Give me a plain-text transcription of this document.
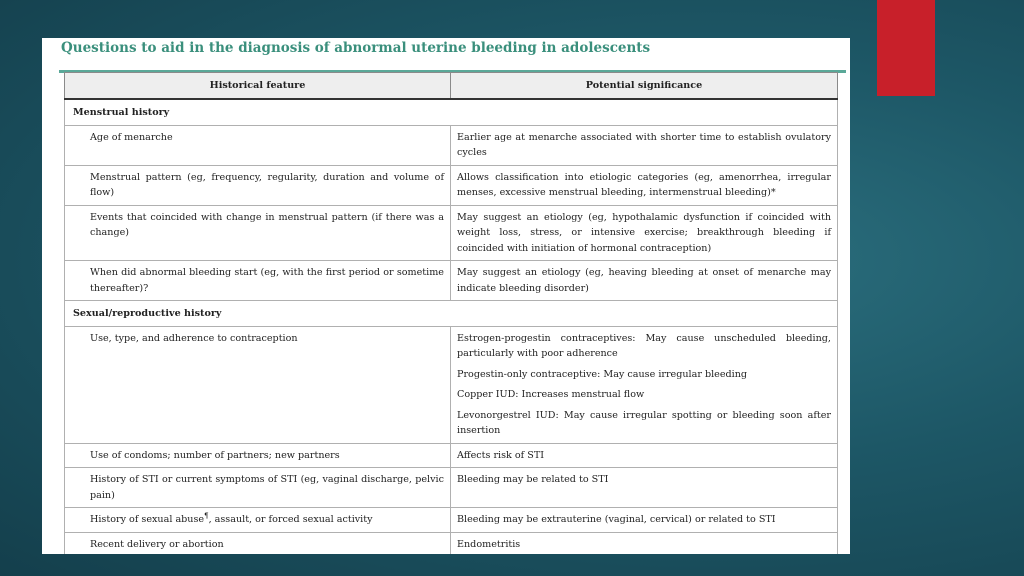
Questions to aid in the diagnosis of abnormal uterine bleeding in adolescents
Historical feature	Potential significance
Menstrual history	
Age of menarche	Earlier age at menarche associated with shorter time to establish ovulatory cycles

Menstrual pattern (eg, frequency, regularity, duration and volume of flow)	Allows classification into etiologic categories (eg, amenorrhea, irregular menses, excessive menstrual bleeding, intermenstrual bleeding)*

Events that coincided with change in menstrual pattern (if there was a change)	May suggest an etiology (eg, hypothalamic dysfunction if coincided with weight loss, stress, or intensive exercise; breakthrough bleeding if coincided with initiation of hormonal contraception)

When did abnormal bleeding start (eg, with the first period or sometime thereafter)?	May suggest an etiology (eg, heaving bleeding at onset of menarche may indicate bleeding disorder)

Sexual/reproductive history	
Use, type, and adherence to contraception	Estrogen-progestin contraceptives: May cause unscheduled bleeding, particularly with poor adherence
Progestin-only contraceptive: May cause irregular bleeding
Copper IUD: Increases menstrual flow
Levonorgestrel IUD: May cause irregular spotting or bleeding soon after insertion

Use of condoms; number of partners; new partners	Affects risk of STI

History of STI or current symptoms of STI (eg, vaginal discharge, pelvic pain)	Bleeding may be related to STI

History of sexual abuse¶, assault, or forced sexual activity	Bleeding may be extrauterine (vaginal, cervical) or related to STI

Recent delivery or abortion	Endometritis
